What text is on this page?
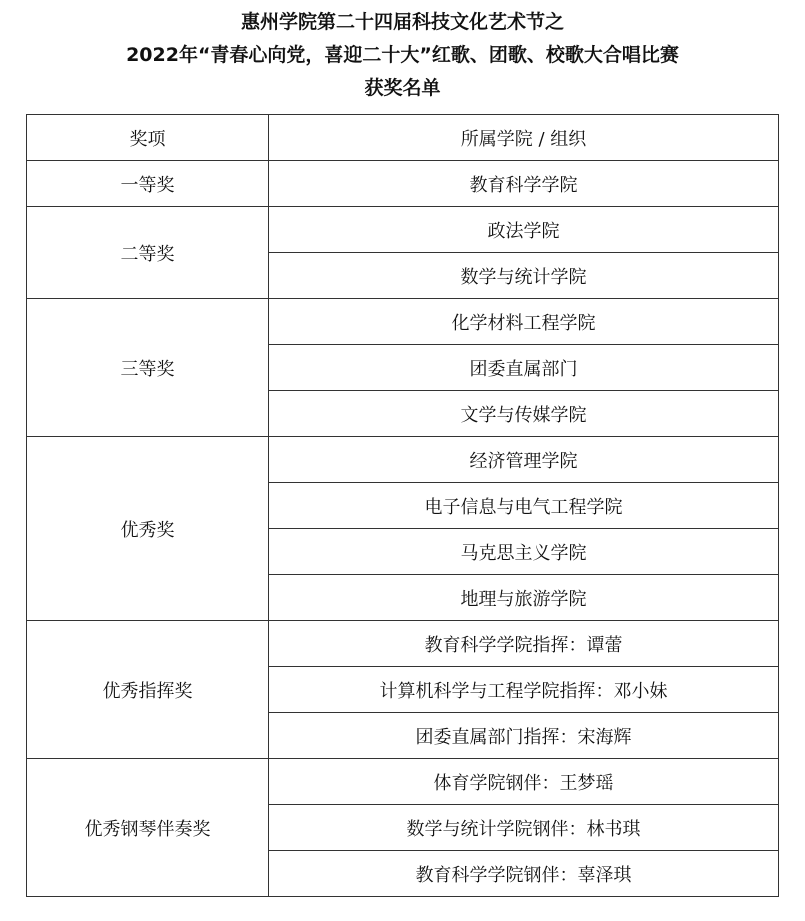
惠州学院第二十四届科技文化艺术节之
2022年“青春心向党，喜迎二十大”红歌、团歌、校歌大合唱比赛
获奖名单
奖项	所属学院 / 组织
一等奖	教育科学学院
二等奖	政法学院
	数学与统计学院
三等奖	化学材料工程学院
	团委直属部门
	文学与传媒学院
优秀奖	经济管理学院
	电子信息与电气工程学院
	马克思主义学院
	地理与旅游学院
优秀指挥奖	教育科学学院指挥：谭蕾
	计算机科学与工程学院指挥：邓小妹
	团委直属部门指挥：宋海辉
优秀钢琴伴奏奖	体育学院钢伴：王梦瑶
	数学与统计学院钢伴：林书琪
	教育科学学院钢伴：辜泽琪
